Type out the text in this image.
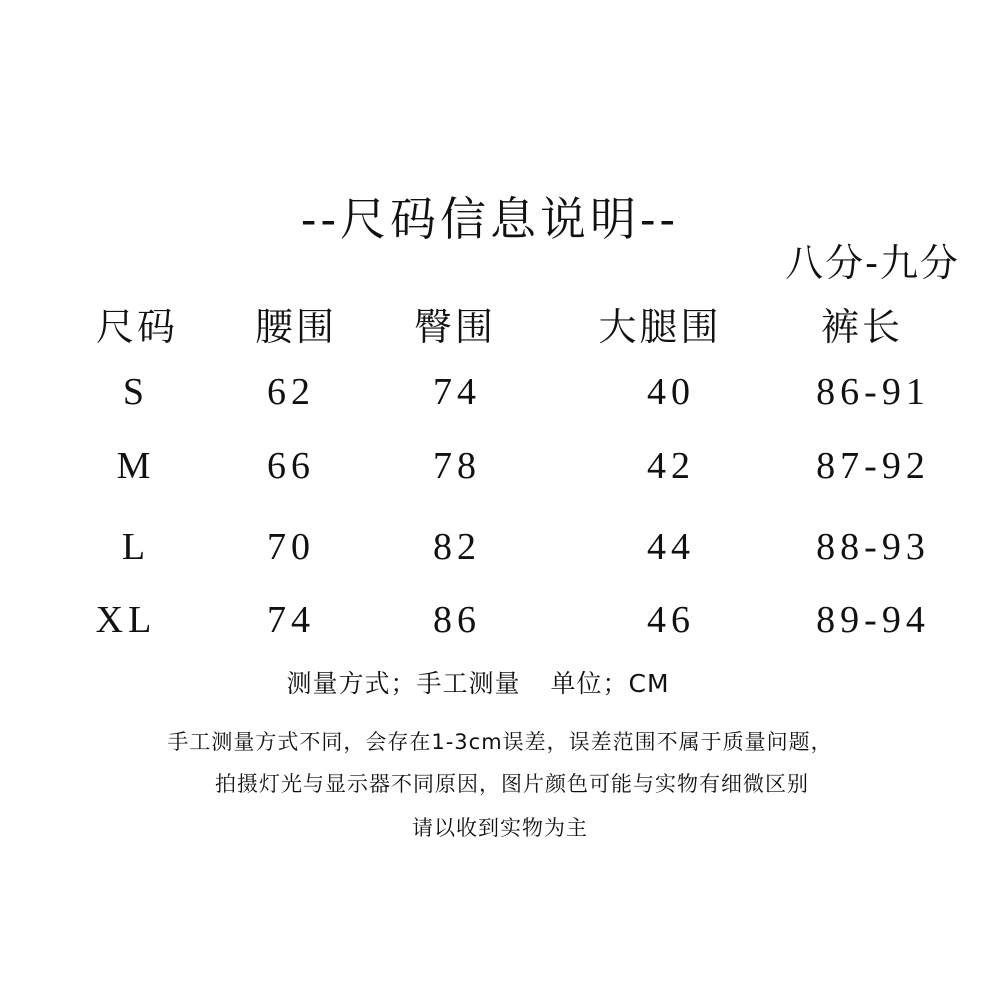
--尺码信息说明--
八分-九分
尺码 腰围 臀围	大腿围	裤长
S	62	74	40	86-91
M	66	78	42	87-92
L	70	82	44	88-93
XL	74	86	46	89-94
测量方式；手工测量 单位；CM
手工测量方式不同，会存在1-3cm误差，误差范围不属于质量问题，
拍摄灯光与显示器不同原因，图片颜色可能与实物有细微区别
请以收到实物为主
